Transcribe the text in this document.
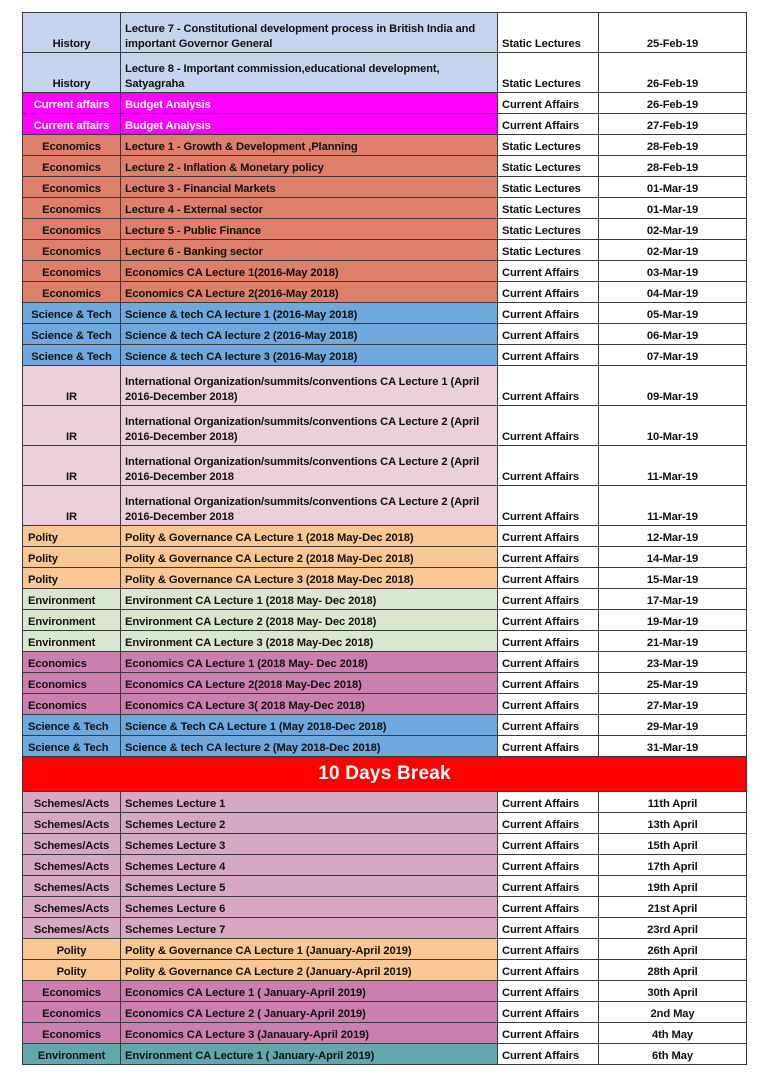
History	Lecture 7 - Constitutional development process in British India and important Governor General	Static Lectures	25-Feb-19
History	Lecture 8 - Important commission,educational development, Satyagraha	Static Lectures	26-Feb-19
Current affairs	Budget Analysis	Current Affairs	26-Feb-19
Current affairs	Budget Analysis	Current Affairs	27-Feb-19
Economics	Lecture 1 - Growth & Development ,Planning	Static Lectures	28-Feb-19
Economics	Lecture 2 - Inflation & Monetary policy	Static Lectures	28-Feb-19
Economics	Lecture 3 - Financial Markets	Static Lectures	01-Mar-19
Economics	Lecture 4 - External sector	Static Lectures	01-Mar-19
Economics	Lecture 5 - Public Finance	Static Lectures	02-Mar-19
Economics	Lecture 6 - Banking sector	Static Lectures	02-Mar-19
Economics	Economics CA Lecture 1(2016-May 2018)	Current Affairs	03-Mar-19
Economics	Economics CA Lecture 2(2016-May 2018)	Current Affairs	04-Mar-19
Science & Tech	Science & tech CA lecture 1 (2016-May 2018)	Current Affairs	05-Mar-19
Science & Tech	Science & tech CA lecture 2 (2016-May 2018)	Current Affairs	06-Mar-19
Science & Tech	Science & tech CA lecture 3 (2016-May 2018)	Current Affairs	07-Mar-19
IR	International Organization/summits/conventions CA Lecture 1 (April 2016-December 2018)	Current Affairs	09-Mar-19
IR	International Organization/summits/conventions CA Lecture 2 (April 2016-December 2018)	Current Affairs	10-Mar-19
IR	International Organization/summits/conventions CA Lecture 2 (April 2016-December 2018	Current Affairs	11-Mar-19
IR	International Organization/summits/conventions CA Lecture 2 (April 2016-December 2018	Current Affairs	11-Mar-19
Polity	Polity & Governance CA Lecture 1 (2018 May-Dec 2018)	Current Affairs	12-Mar-19
Polity	Polity & Governance CA Lecture 2 (2018 May-Dec 2018)	Current Affairs	14-Mar-19
Polity	Polity & Governance CA Lecture 3 (2018 May-Dec 2018)	Current Affairs	15-Mar-19
Environment	Environment CA Lecture 1 (2018 May- Dec 2018)	Current Affairs	17-Mar-19
Environment	Environment CA Lecture 2 (2018 May- Dec 2018)	Current Affairs	19-Mar-19
Environment	Environment CA Lecture 3 (2018 May-Dec 2018)	Current Affairs	21-Mar-19
Economics	Economics CA Lecture 1 (2018 May- Dec 2018)	Current Affairs	23-Mar-19
Economics	Economics CA Lecture 2(2018 May-Dec 2018)	Current Affairs	25-Mar-19
Economics	Economics CA Lecture 3( 2018 May-Dec 2018)	Current Affairs	27-Mar-19
Science & Tech	Science & Tech CA Lecture 1 (May 2018-Dec 2018)	Current Affairs	29-Mar-19
Science & Tech	Science & tech CA lecture 2 (May 2018-Dec 2018)	Current Affairs	31-Mar-19
10 Days Break			
Schemes/Acts	Schemes Lecture 1	Current Affairs	11th April
Schemes/Acts	Schemes Lecture 2	Current Affairs	13th April
Schemes/Acts	Schemes Lecture 3	Current Affairs	15th April
Schemes/Acts	Schemes Lecture 4	Current Affairs	17th April
Schemes/Acts	Schemes Lecture 5	Current Affairs	19th April
Schemes/Acts	Schemes Lecture 6	Current Affairs	21st April
Schemes/Acts	Schemes Lecture 7	Current Affairs	23rd April
Polity	Polity & Governance CA Lecture 1 (January-April 2019)	Current Affairs	26th April
Polity	Polity & Governance CA Lecture 2 (January-April 2019)	Current Affairs	28th April
Economics	Economics CA Lecture 1 ( January-April 2019)	Current Affairs	30th April
Economics	Economics CA Lecture 2 ( January-April 2019)	Current Affairs	2nd May
Economics	Economics CA Lecture 3 (Janauary-April 2019)	Current Affairs	4th May
Environment	Environment CA Lecture 1 ( January-April 2019)	Current Affairs	6th May
